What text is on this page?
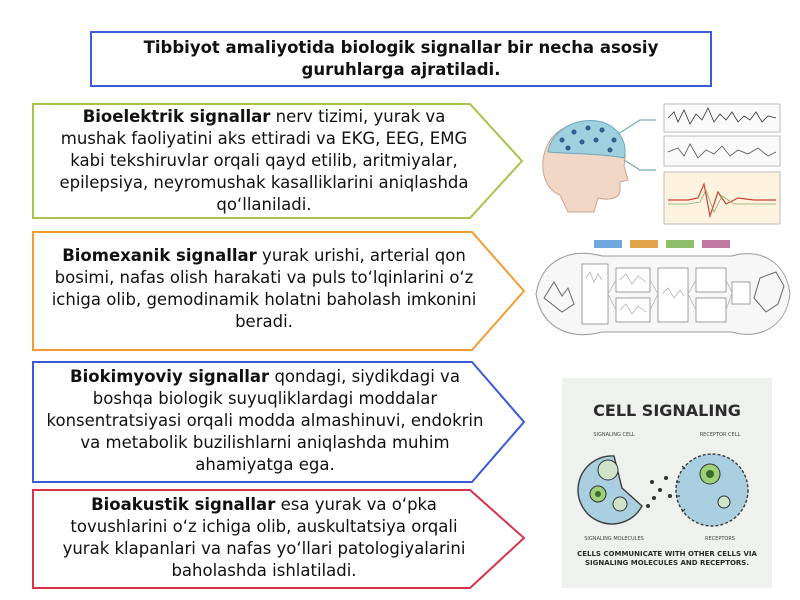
Tibbiyot amaliyotida biologik signallar bir necha asosiy guruhlarga ajratiladi.
Bioelektrik signallar nerv tizimi, yurak va mushak faoliyatini aks ettiradi va EKG, EEG, EMG kabi tekshiruvlar orqali qayd etilib, aritmiyalar, epilepsiya, neyromushak kasalliklarini aniqlashda qo‘llaniladi.
Biomexanik signallar yurak urishi, arterial qon bosimi, nafas olish harakati va puls to‘lqinlarini o‘z ichiga olib, gemodinamik holatni baholash imkonini beradi.
Biokimyoviy signallar qondagi, siydikdagi va boshqa biologik suyuqliklardagi moddalar konsentratsiyasi orqali modda almashinuvi, endokrin va metabolik buzilishlarni aniqlashda muhim ahamiyatga ega.
Bioakustik signallar esa yurak va o‘pka tovushlarini o‘z ichiga olib, auskultatsiya orqali yurak klapanlari va nafas yo‘llari patologiyalarini baholashda ishlatiladi.
CELL SIGNALING
SIGNALING CELL	RECEPTOR CELL
SIGNALING MOLECULES	RECEPTORS
CELLS COMMUNICATE WITH OTHER CELLS VIA SIGNALING MOLECULES AND RECEPTORS.
